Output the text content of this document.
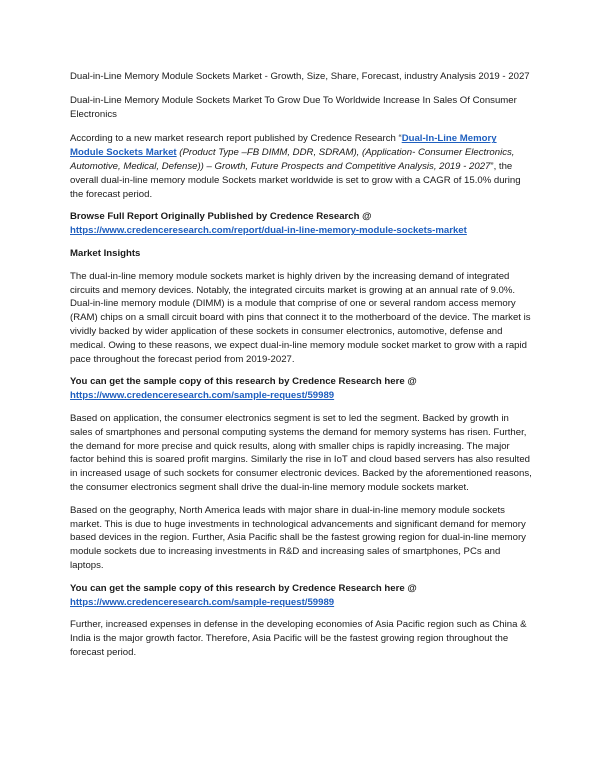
Dual-in-Line Memory Module Sockets Market - Growth, Size, Share, Forecast, industry Analysis 2019 - 2027

Dual-in-Line Memory Module Sockets Market To Grow Due To Worldwide Increase In Sales Of Consumer Electronics

According to a new market research report published by Credence Research “Dual-In-Line Memory Module Sockets Market (Product Type –FB DIMM, DDR, SDRAM), (Application- Consumer Electronics, Automotive, Medical, Defense)) – Growth, Future Prospects and Competitive Analysis, 2019 - 2027”, the overall dual-in-line memory module Sockets market worldwide is set to grow with a CAGR of 15.0% during the forecast period.

Browse Full Report Originally Published by Credence Research @
https://www.credenceresearch.com/report/dual-in-line-memory-module-sockets-market

Market Insights

The dual-in-line memory module sockets market is highly driven by the increasing demand of integrated circuits and memory devices. Notably, the integrated circuits market is growing at an annual rate of 9.0%. Dual-in-line memory module (DIMM) is a module that comprise of one or several random access memory (RAM) chips on a small circuit board with pins that connect it to the motherboard of the device. The market is vividly backed by wider application of these sockets in consumer electronics, automotive, defense and medical. Owing to these reasons, we expect dual-in-line memory module socket market to grow with a rapid pace throughout the forecast period from 2019-2027.

You can get the sample copy of this research by Credence Research here @
https://www.credenceresearch.com/sample-request/59989

Based on application, the consumer electronics segment is set to led the segment. Backed by growth in sales of smartphones and personal computing systems the demand for memory systems has risen. Further, the demand for more precise and quick results, along with smaller chips is rapidly increasing. The major factor behind this is soared profit margins. Similarly the rise in IoT and cloud based servers has also resulted in increased usage of such sockets for consumer electronic devices. Backed by the aforementioned reasons, the consumer electronics segment shall drive the dual-in-line memory module sockets market.

Based on the geography, North America leads with major share in dual-in-line memory module sockets market. This is due to huge investments in technological advancements and significant demand for memory based devices in the region. Further, Asia Pacific shall be the fastest growing region for dual-in-line memory module sockets due to increasing investments in R&D and increasing sales of smartphones, PCs and laptops.

You can get the sample copy of this research by Credence Research here @
https://www.credenceresearch.com/sample-request/59989

Further, increased expenses in defense in the developing economies of Asia Pacific region such as China & India is the major growth factor. Therefore, Asia Pacific will be the fastest growing region throughout the forecast period.
